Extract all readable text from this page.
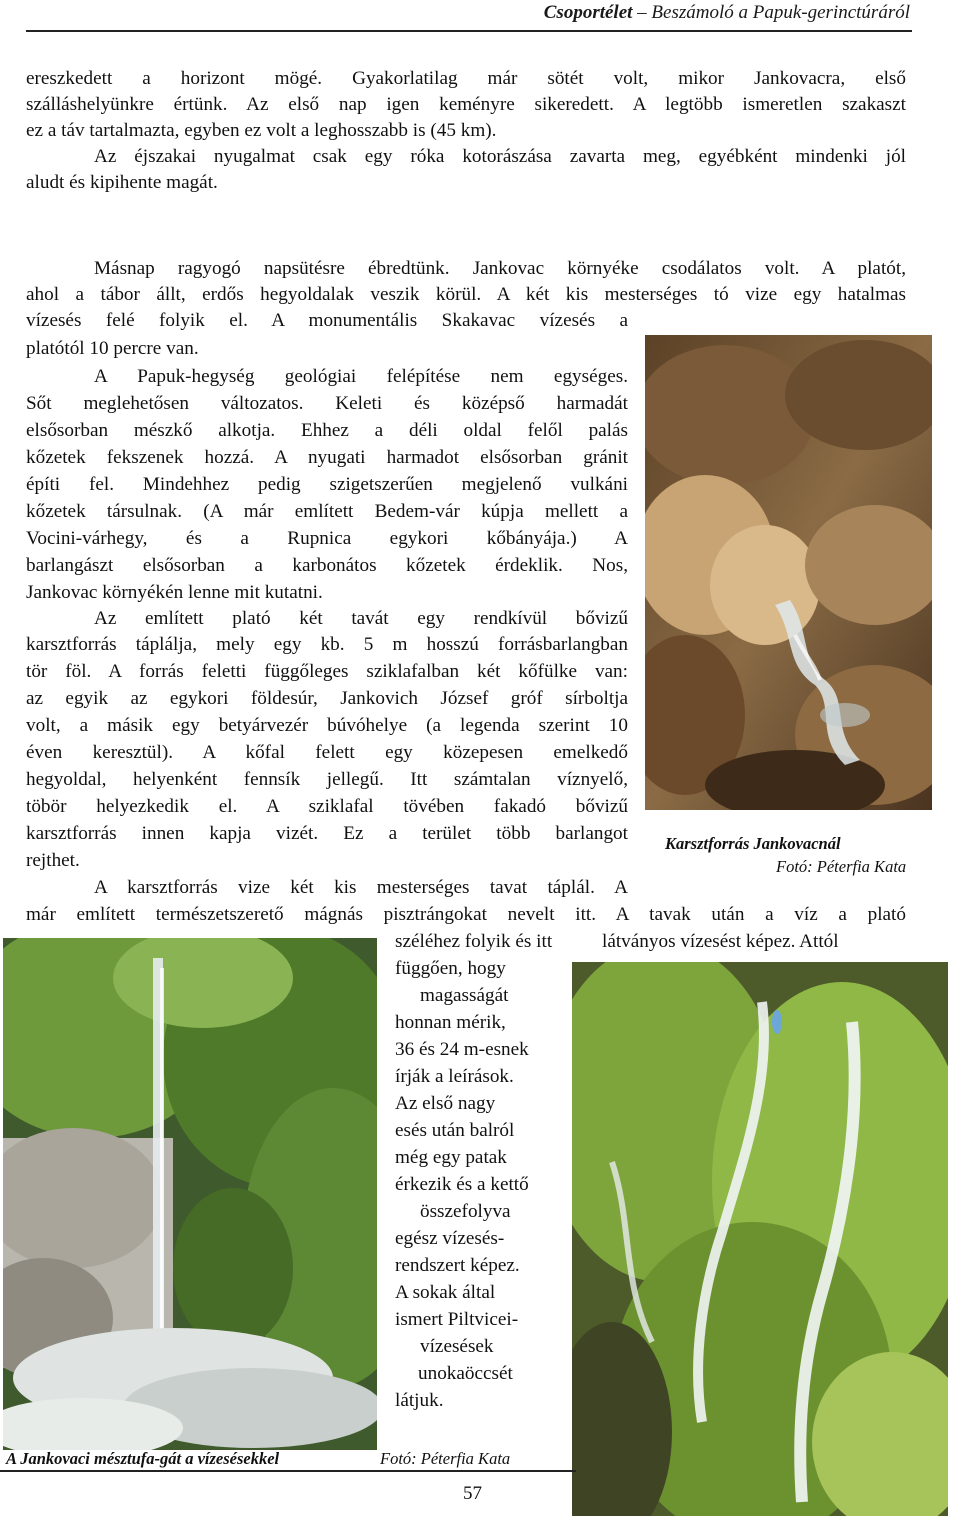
Csoportélet – Beszámoló a Papuk-gerinctúráról
ereszkedett a horizont mögé. Gyakorlatilag már sötét volt, mikor Jankovacra, első
szálláshelyünkre értünk. Az első nap igen keményre sikeredett. A legtöbb ismeretlen szakaszt
ez a táv tartalmazta, egyben ez volt a leghosszabb is (45 km).
Az éjszakai nyugalmat csak egy róka kotorászása zavarta meg, egyébként mindenki jól
aludt és kipihente magát.
Másnap ragyogó napsütésre ébredtünk. Jankovac környéke csodálatos volt. A platót,
ahol a tábor állt, erdős hegyoldalak veszik körül. A két kis mesterséges tó vize egy hatalmas
vízesés felé folyik el. A monumentális Skakavac vízesés a
platótól 10 percre van.
A Papuk-hegység geológiai felépítése nem egységes.
Sőt meglehetősen változatos. Keleti és középső harmadát
elsősorban mészkő alkotja. Ehhez a déli oldal felől palás
kőzetek fekszenek hozzá. A nyugati harmadot elsősorban gránit
építi fel. Mindehhez pedig szigetszerűen megjelenő vulkáni
kőzetek társulnak. (A már említett Bedem-vár kúpja mellett a
Vocini-várhegy, és a Rupnica egykori kőbányája.) A
barlangászt elsősorban a karbonátos kőzetek érdeklik. Nos,
Jankovac környékén lenne mit kutatni.
Az említett plató két tavát egy rendkívül bővizű
karsztforrás táplálja, mely egy kb. 5 m hosszú forrásbarlangban
tör föl. A forrás feletti függőleges sziklafalban két kőfülke van:
az egyik az egykori földesúr, Jankovich József gróf sírboltja
volt, a másik egy betyárvezér búvóhelye (a legenda szerint 10
éven keresztül). A kőfal felett egy közepesen emelkedő
hegyoldal, helyenként fennsík jellegű. Itt számtalan víznyelő,
töbör helyezkedik el. A sziklafal tövében fakadó bővizű
karsztforrás innen kapja vizét. Ez a terület több barlangot
rejthet.
A karsztforrás vize két kis mesterséges tavat táplál. A
már említett természetszerető mágnás pisztrángokat nevelt itt. A tavak után a víz a plató
széléhez folyik és itt	látványos vízesést képez. Attól
függően, hogy
magasságát
honnan mérik,
36 és 24 m-esnek
írják a leírások.
Az első nagy
esés után balról
még egy patak
érkezik és a kettő
összefolyva
egész vízesés-
rendszert képez.
A sokak által
ismert Piltvicei-
vízesések
unokaöccsét
látjuk.
Karsztforrás Jankovacnál
Fotó: Péterfia Kata
A Jankovaci mésztufa-gát a vízesésekkel	Fotó: Péterfia Kata
57
